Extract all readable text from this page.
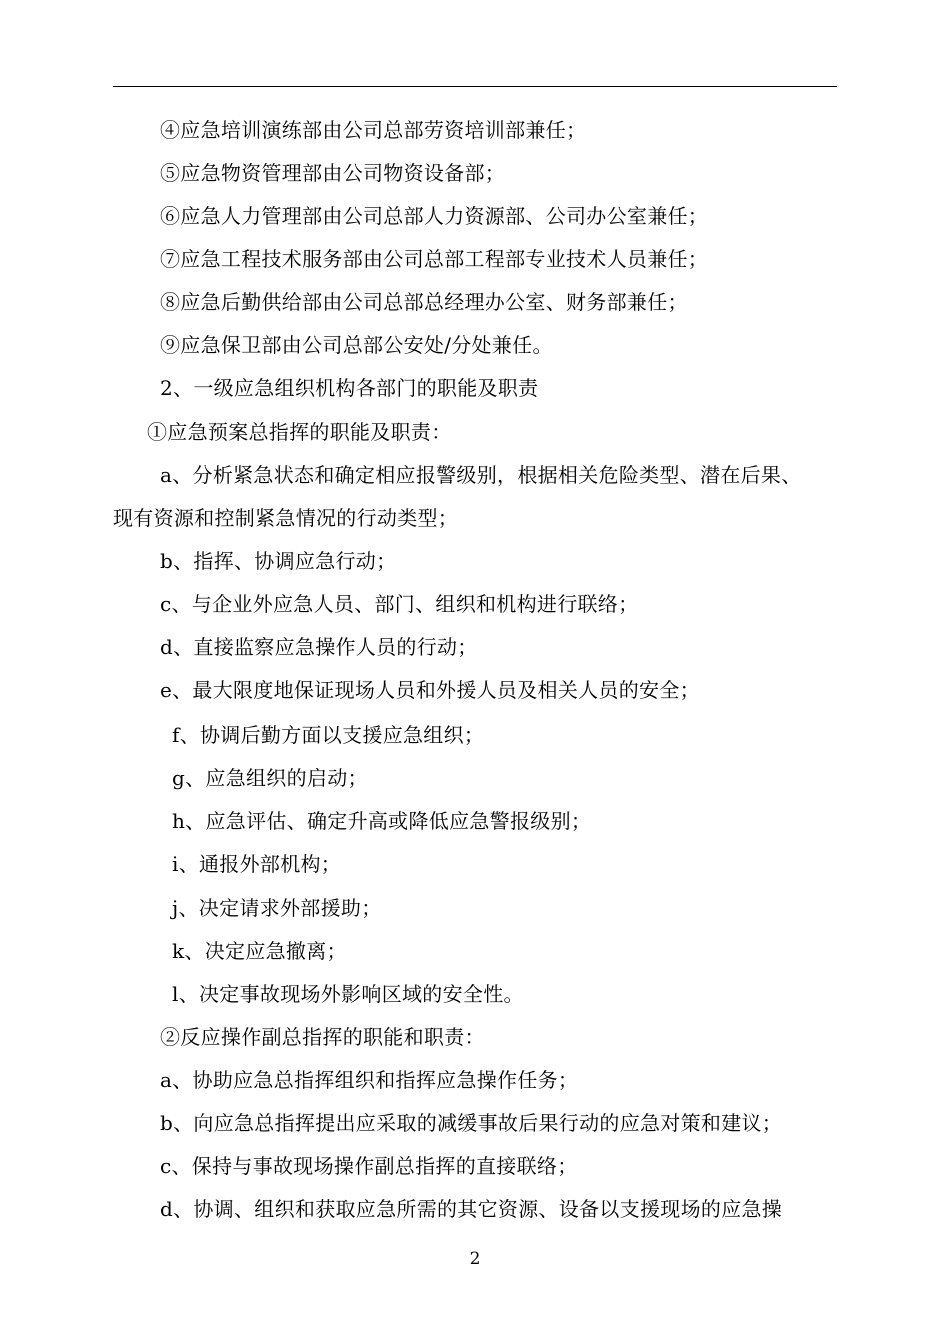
④应急培训演练部由公司总部劳资培训部兼任；
⑤应急物资管理部由公司物资设备部；
⑥应急人力管理部由公司总部人力资源部、公司办公室兼任；
⑦应急工程技术服务部由公司总部工程部专业技术人员兼任；
⑧应急后勤供给部由公司总部总经理办公室、财务部兼任；
⑨应急保卫部由公司总部公安处/分处兼任。
2、一级应急组织机构各部门的职能及职责
①应急预案总指挥的职能及职责：
a、分析紧急状态和确定相应报警级别，根据相关危险类型、潜在后果、
现有资源和控制紧急情况的行动类型；
b、指挥、协调应急行动；
c、与企业外应急人员、部门、组织和机构进行联络；
d、直接监察应急操作人员的行动；
e、最大限度地保证现场人员和外援人员及相关人员的安全；
f、协调后勤方面以支援应急组织；
g、应急组织的启动；
h、应急评估、确定升高或降低应急警报级别；
i、通报外部机构；
j、决定请求外部援助；
k、决定应急撤离；
l、决定事故现场外影响区域的安全性。
②反应操作副总指挥的职能和职责：
a、协助应急总指挥组织和指挥应急操作任务；
b、向应急总指挥提出应采取的减缓事故后果行动的应急对策和建议；
c、保持与事故现场操作副总指挥的直接联络；
d、协调、组织和获取应急所需的其它资源、设备以支援现场的应急操
2
